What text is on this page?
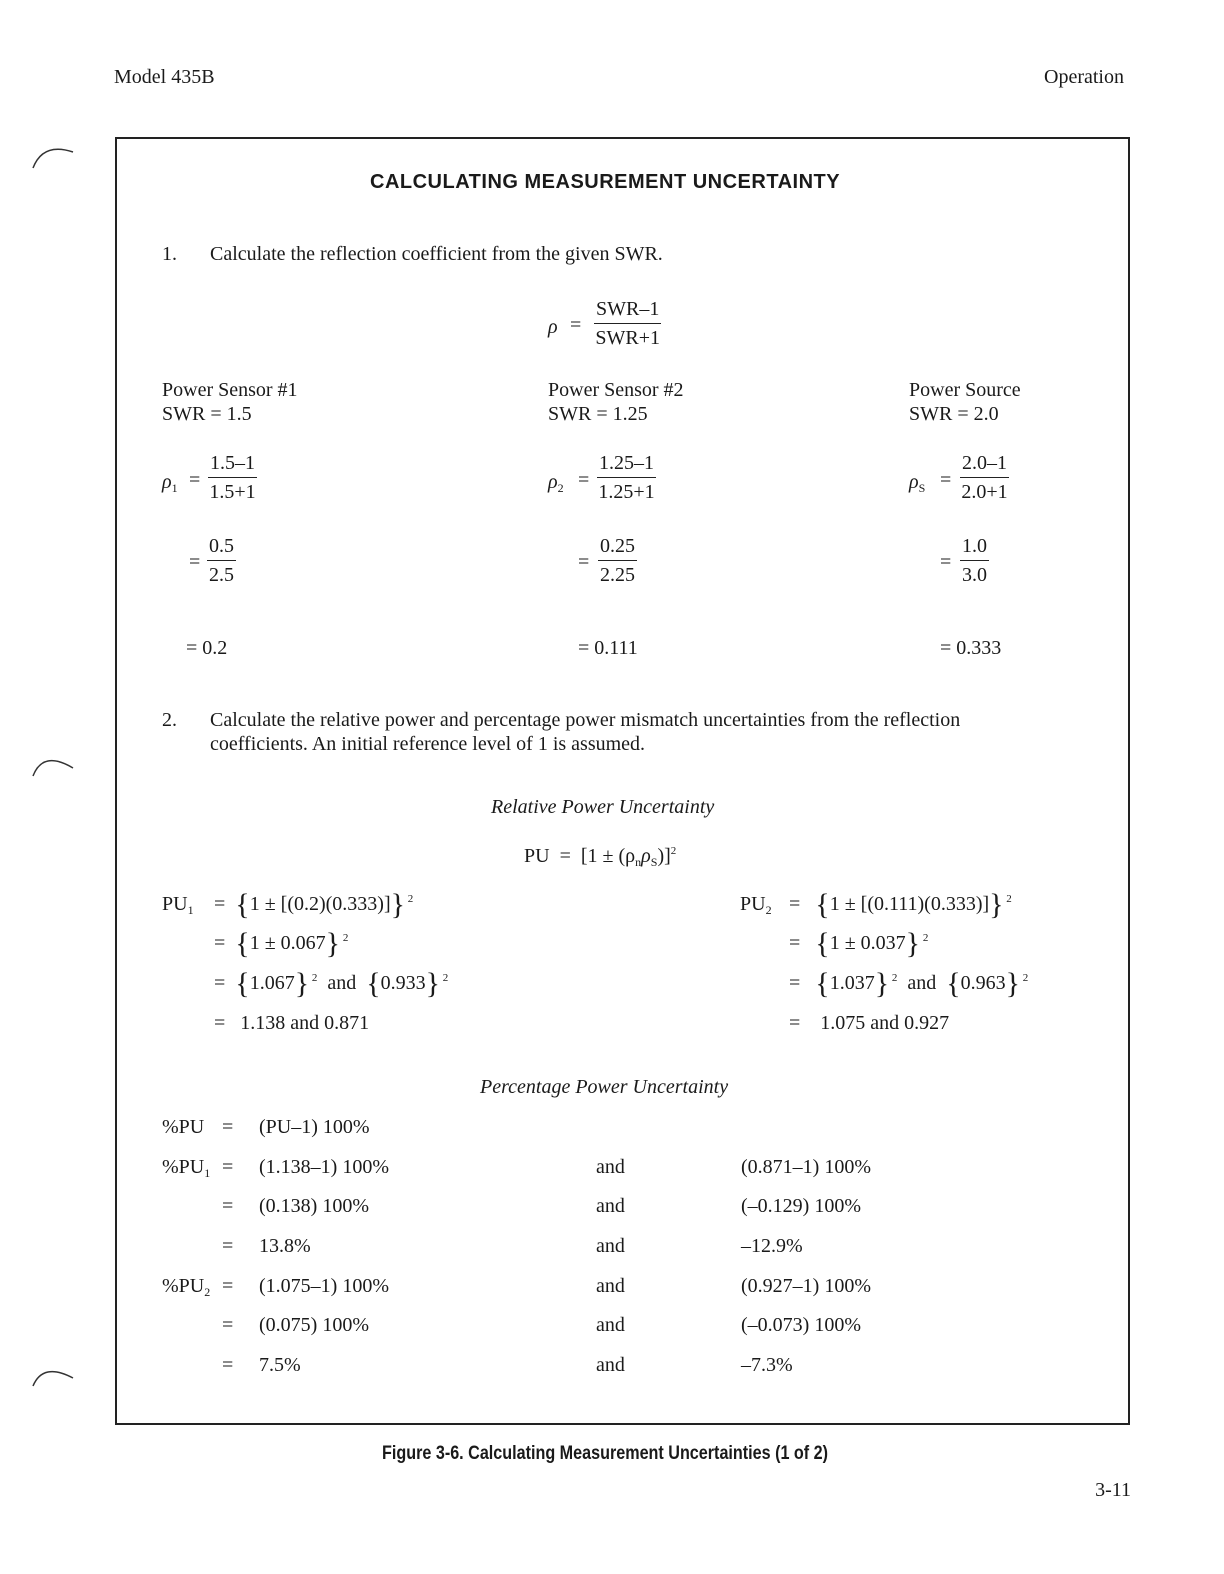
Model 435B	Operation
CALCULATING MEASUREMENT UNCERTAINTY
1. Calculate the reflection coefficient from the given SWR.
ρ =
SWR–1
SWR+1
Power Sensor #1
SWR = 1.5
$\rho_1 = \frac{1.5-1}{1.5+1}$
= $\frac{0.5}{2.5}$
= 0.2
Power Sensor #2
SWR = 1.25
$\rho_2 = \frac{1.25-1}{1.25+1}$
= $\frac{0.25}{2.25}$
= 0.111
Power Source
SWR = 2.0
$\rho_S = \frac{2.0-1}{2.0+1}$
= $\frac{1.0}{3.0}$
= 0.333
2. Calculate the relative power and percentage power mismatch uncertainties from the reflection
coefficients. An initial reference level of 1 is assumed.
Relative Power Uncertainty
PU = $[1 \pm (\rho_n\rho_S)]^2$
$PU_1 = \{1 \pm [(0.2)(0.333)]\}$ $^2$
= {1 ± 0.067} $^2$
= {1.067} $^2$ and {0.933} $^2$
= 1.138 and 0.871
$PU_2 = \{1 \pm [(0.111)(0.333)]\}$ $^2$
= {1 ± 0.037} $^2$
= {1.037} $^2$ and {0.963} $^2$
= 1.075 and 0.927
Percentage Power Uncertainty
%PU = (PU–1) 100%
$\%PU_1 = (1.138-1)$ 100%	and	(0.871–1) 100%
= (0.138) 100%	and	(–0.129) 100%
= 13.8%	and	–12.9%
$\%PU_2 = (1.075-1)$ 100%	and	(0.927–1) 100%
= (0.075) 100%	and	(–0.073) 100%
= 7.5%	and	–7.3%
Figure 3-6. Calculating Measurement Uncertainties (1 of 2)
3-11
